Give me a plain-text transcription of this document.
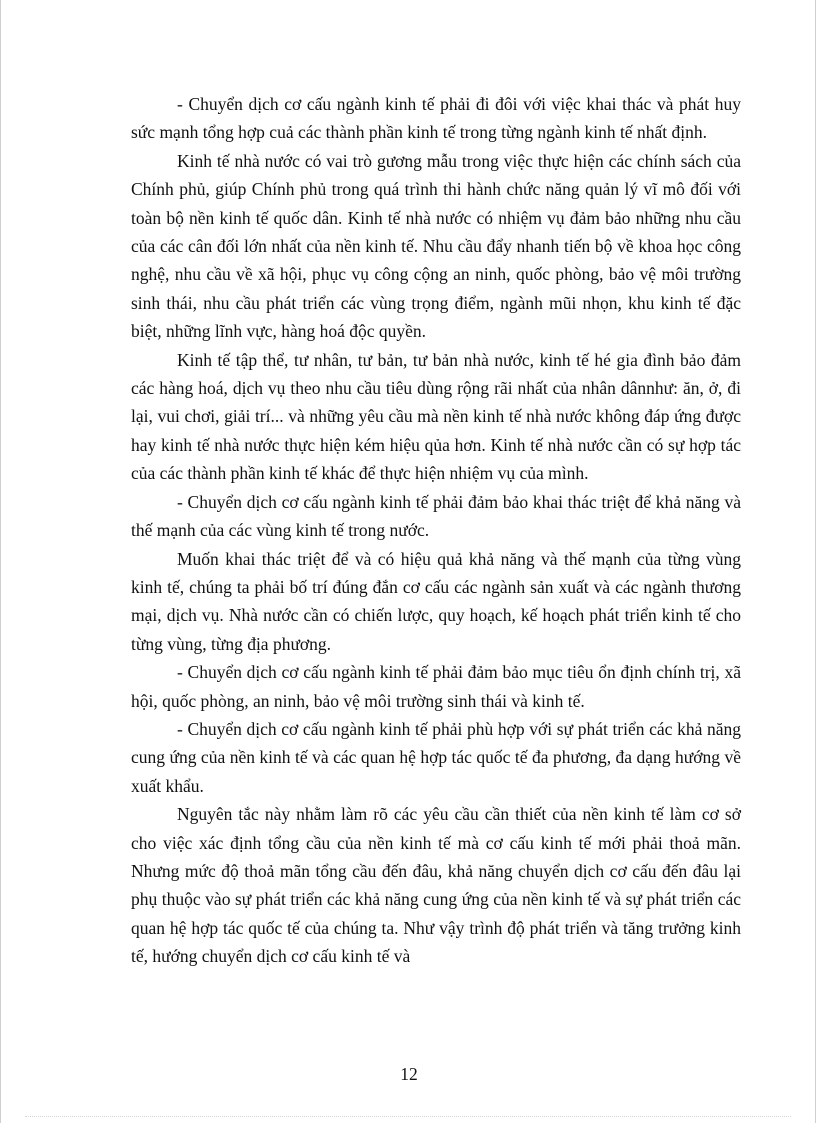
- Chuyển dịch cơ cấu ngành kinh tế phải đi đôi với việc khai thác và phát huy sức mạnh tổng hợp cuả các thành phần kinh tế trong từng ngành kinh tế nhất định.

Kinh tế nhà nước có vai trò gương mẫu trong việc thực hiện các chính sách của Chính phủ, giúp Chính phủ trong quá trình thi hành chức năng quản lý vĩ mô đối với toàn bộ nền kinh tế quốc dân. Kinh tế nhà nước có nhiệm vụ đảm bảo những nhu cầu của các cân đối lớn nhất của nền kinh tế. Nhu cầu đẩy nhanh tiến bộ về khoa học công nghệ, nhu cầu về xã hội, phục vụ công cộng an ninh, quốc phòng, bảo vệ môi trường sinh thái, nhu cầu phát triển các vùng trọng điểm, ngành mũi nhọn, khu kinh tế đặc biệt, những lĩnh vực, hàng hoá độc quyền.

Kinh tế tập thể, tư nhân, tư bản, tư bản nhà nước, kinh tế hé gia đình bảo đảm các hàng hoá, dịch vụ theo nhu cầu tiêu dùng rộng rãi nhất của nhân dânnhư: ăn, ở, đi lại, vui chơi, giải trí... và những yêu cầu mà nền kinh tế nhà nước không đáp ứng được hay kinh tế nhà nước thực hiện kém hiệu qủa hơn. Kinh tế nhà nước cần có sự hợp tác của các thành phần kinh tế khác để thực hiện nhiệm vụ của mình.

- Chuyển dịch cơ cấu ngành kinh tế phải đảm bảo khai thác triệt để khả năng và thế mạnh của các vùng kinh tế trong nước.

Muốn khai thác triệt để và có hiệu quả khả năng và thế mạnh của từng vùng kinh tế, chúng ta phải bố trí đúng đắn cơ cấu các ngành sản xuất và các ngành thương mại, dịch vụ. Nhà nước cần có chiến lược, quy hoạch, kế hoạch phát triển kinh tế cho từng vùng, từng địa phương.

- Chuyển dịch cơ cấu ngành kinh tế phải đảm bảo mục tiêu ổn định chính trị, xã hội, quốc phòng, an ninh, bảo vệ môi trường sinh thái và kinh tế.

- Chuyển dịch cơ cấu ngành kinh tế phải phù hợp với sự phát triển các khả năng cung ứng của nền kinh tế và các quan hệ hợp tác quốc tế đa phương, đa dạng hướng về xuất khẩu.

Nguyên tắc này nhằm làm rõ các yêu cầu cần thiết của nền kinh tế làm cơ sở cho việc xác định tổng cầu của nền kinh tế mà cơ cấu kinh tế mới phải thoả mãn. Nhưng mức độ thoả mãn tổng cầu đến đâu, khả năng chuyển dịch cơ cấu đến đâu lại phụ thuộc vào sự phát triển các khả năng cung ứng của nền kinh tế và sự phát triển các quan hệ hợp tác quốc tế của chúng ta. Như vậy trình độ phát triển và tăng trưởng kinh tế, hướng chuyển dịch cơ cấu kinh tế và

12
